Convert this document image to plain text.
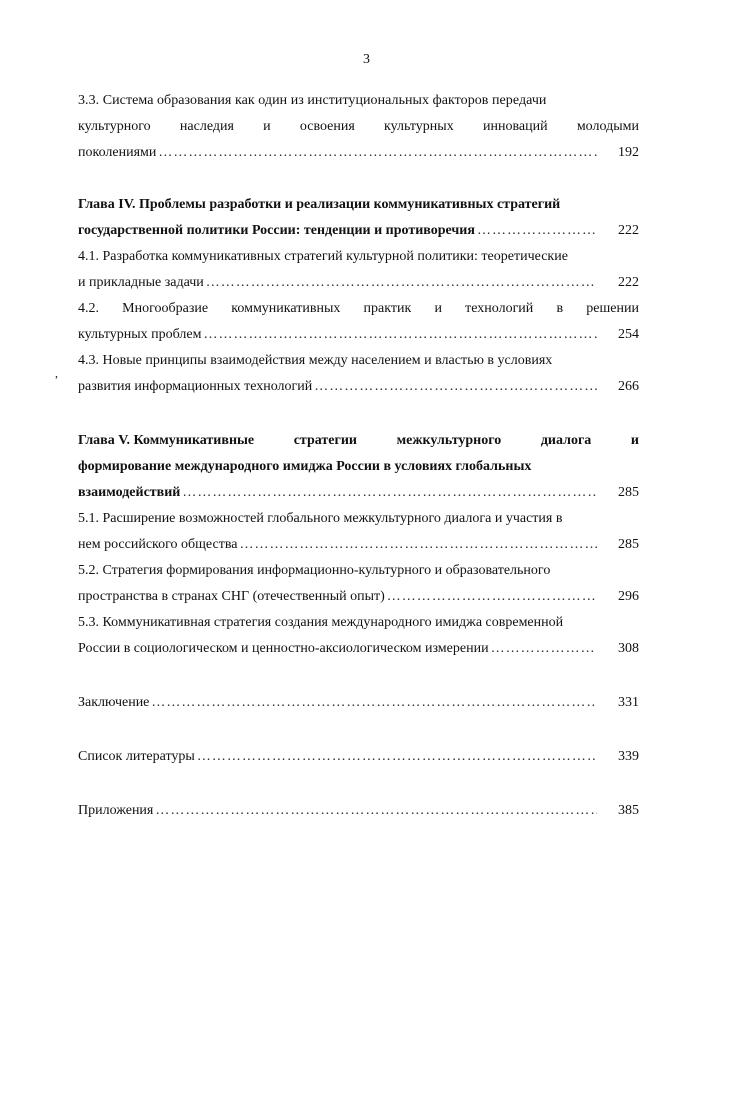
3
,
3.3. Система образования как один из институциональных факторов передачи
культурного наследия и освоения культурных инноваций молодыми
поколениями …………………………………………………………………………………………………………………………………………………………	192
Глава IV. Проблемы разработки и реализации коммуникативных стратегий
государственной политики России: тенденции и противоречия …………………………………………………………………………………………………………………………………………………………	222
4.1. Разработка коммуникативных стратегий культурной политики: теоретические
и прикладные задачи …………………………………………………………………………………………………………………………………………………………	222
4.2. Многообразие коммуникативных практик и технологий в решении
культурных проблем …………………………………………………………………………………………………………………………………………………………	254
4.3. Новые принципы взаимодействия между населением и властью в условиях
развития информационных технологий …………………………………………………………………………………………………………………………………………………………	266
Глава V. Коммуникативные	стратегии	межкультурного	диалога	и
формирование международного имиджа России в условиях глобальных
взаимодействий …………………………………………………………………………………………………………………………………………………………	285
5.1. Расширение возможностей глобального межкультурного диалога и участия в
нем российского общества …………………………………………………………………………………………………………………………………………………………	285
5.2. Стратегия формирования информационно-культурного и образовательного
пространства в странах СНГ (отечественный опыт) …………………………………………………………………………………………………………………………………………………………	296
5.3. Коммуникативная стратегия создания международного имиджа современной
России в социологическом и ценностно-аксиологическом измерении …………………………………………………………………………………………………………………………………………………………	308
Заключение …………………………………………………………………………………………………………………………………………………………	331
Список литературы …………………………………………………………………………………………………………………………………………………………	339
Приложения …………………………………………………………………………………………………………………………………………………………	385
